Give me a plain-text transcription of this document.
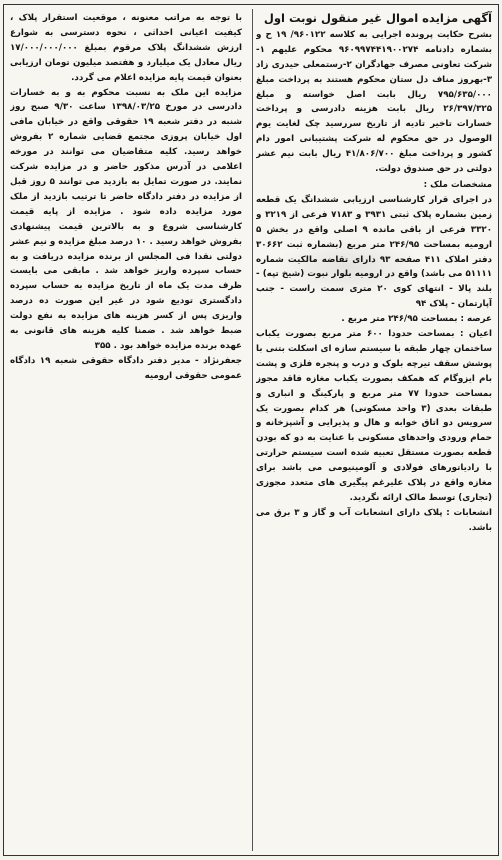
آگهی مزایده اموال غیر منقول نوبت اول

بشرح حکایت پرونده اجرایی به کلاسه ۹۶۰۱۲۲/ ۱۹ ح و بشماره دادنامه ۹۶۰۹۹۷۴۴۱۹۰۰۲۷۴ محکوم علیهم ۱-شرکت تعاونی مصرف جهادگران ۲-رستمعلی حیدری زاد ۳-بهروز مناف دل ستان محکوم هستند به پرداخت مبلغ ۷۹۵/۶۳۵/۰۰۰ ریال بابت اصل خواسته و مبلغ ۲۶/۳۹۷/۳۲۵ ریال بابت هزینه دادرسی و پرداخت خسارات تاخیر تادیه از تاریخ سررسید چک لغایت یوم الوصول در حق محکوم له شرکت پشتیبانی امور دام کشور و پرداخت مبلغ ۴۱/۸۰۶/۷۰۰ ریال بابت نیم عشر دولتی در حق صندوق دولت.

مشخصات ملک :

در اجرای قرار کارشناسی ارزیابی ششدانگ یک قطعه زمین بشماره پلاک ثبتی ۳۹۳۱ و ۷۱۸۳ فرعی از ۳۲۱۹ و ۳۳۲۰ فرعی از باقی مانده ۹ اصلی واقع در بخش ۵ ارومیه بمساحت ۲۴۶/۹۵ متر مربع (بشماره ثبت ۳۰۶۶۲ دفتر املاک ۴۱۱ صفحه ۹۳ دارای تقاضه مالکیت شماره ۵۱۱۱۱ می باشد) واقع در ارومیه بلوار نبوت (شیخ تپه) - بلند پالا - انتهای کوی ۲۰ متری سمت راست - جنب آپارتمان - پلاک ۹۴

عرصه : بمساحت ۲۴۶/۹۵ متر مربع .

اعیان : بمساحت حدودا ۶۰۰ متر مربع بصورت یکباب ساختمان چهار طبقه با سیستم سازه ای اسکلت بتنی با پوشش سقف تیرچه بلوک و درب و پنجره فلزی و پشت بام ایزوگام که همکف بصورت یکباب مغازه فاقد مجوز بمساحت حدودا ۷۷ متر مربع و پارکینگ و انباری و طبقات بعدی (۳ واحد مسکونی) هر کدام بصورت یک سرویس دو اتاق خوابه و هال و پذیرایی و آشپزخانه و حمام ورودی واحدهای مسکونی با عنایت به دو که بودن قطعه بصورت مستقل تعبیه شده است سیستم حرارتی با رادیاتورهای فولادی و آلومینیومی می باشد برای مغازه واقع در پلاک علیرغم پیگیری های متعدد مجوزی (تجاری) توسط مالک ارائه نگردید.

انشعابات : پلاک دارای انشعابات آب و گاز و ۳ برق می باشد.

با توجه به مراتب معنونه ، موقعیت استقرار پلاک ، کیفیت اعیانی احداثی ، نحوه دسترسی به شوارع ارزش ششدانگ پلاک مرقوم بمبلغ ۱۷/۰۰۰/۰۰۰/۰۰۰ ریال معادل یک میلیارد و هفتصد میلیون تومان ارزیابی بعنوان قیمت پایه مزایده اعلام می گردد.

مزایده این ملک به نسبت محکوم به و به خسارات دادرسی در مورخ ۱۳۹۸/۰۳/۲۵ ساعت ۹/۳۰ صبح روز شنبه در دفتر شعبه ۱۹ حقوقی واقع در خیابان مافی اول خیابان پروزی مجتمع قضایی شماره ۲ بفروش خواهد رسید. کلیه متقاضیان می توانند در مورخه اعلامی در آدرس مذکور حاضر و در مزایده شرکت نمایند. در صورت تمایل به بازدید می توانند ۵ روز قبل از مزایده در دفتر دادگاه حاضر تا ترتیب بازدید از ملک مورد مزایده داده شود . مزایده از پایه قیمت کارشناسی شروع و به بالاترین قیمت پیشنهادی بفروش خواهد رسید . ۱۰ درصد مبلغ مزایده و نیم عشر دولتی نقدا فی المجلس از برنده مزایده دریافت و به حساب سپرده واریز خواهد شد . مابقی می بایست ظرف مدت یک ماه از تاریخ مزایده به حساب سپرده دادگستری تودیع شود در غیر این صورت ده درصد واریزی پس از کسر هزینه های مزایده به نفع دولت ضبط خواهد شد . ضمنا کلیه هزینه های قانونی به عهده برنده مزایده خواهد بود . ۳۵۵

جعفرنژاد - مدیر دفتر دادگاه حقوقی شعبه ۱۹ دادگاه عمومی حقوقی ارومیه
